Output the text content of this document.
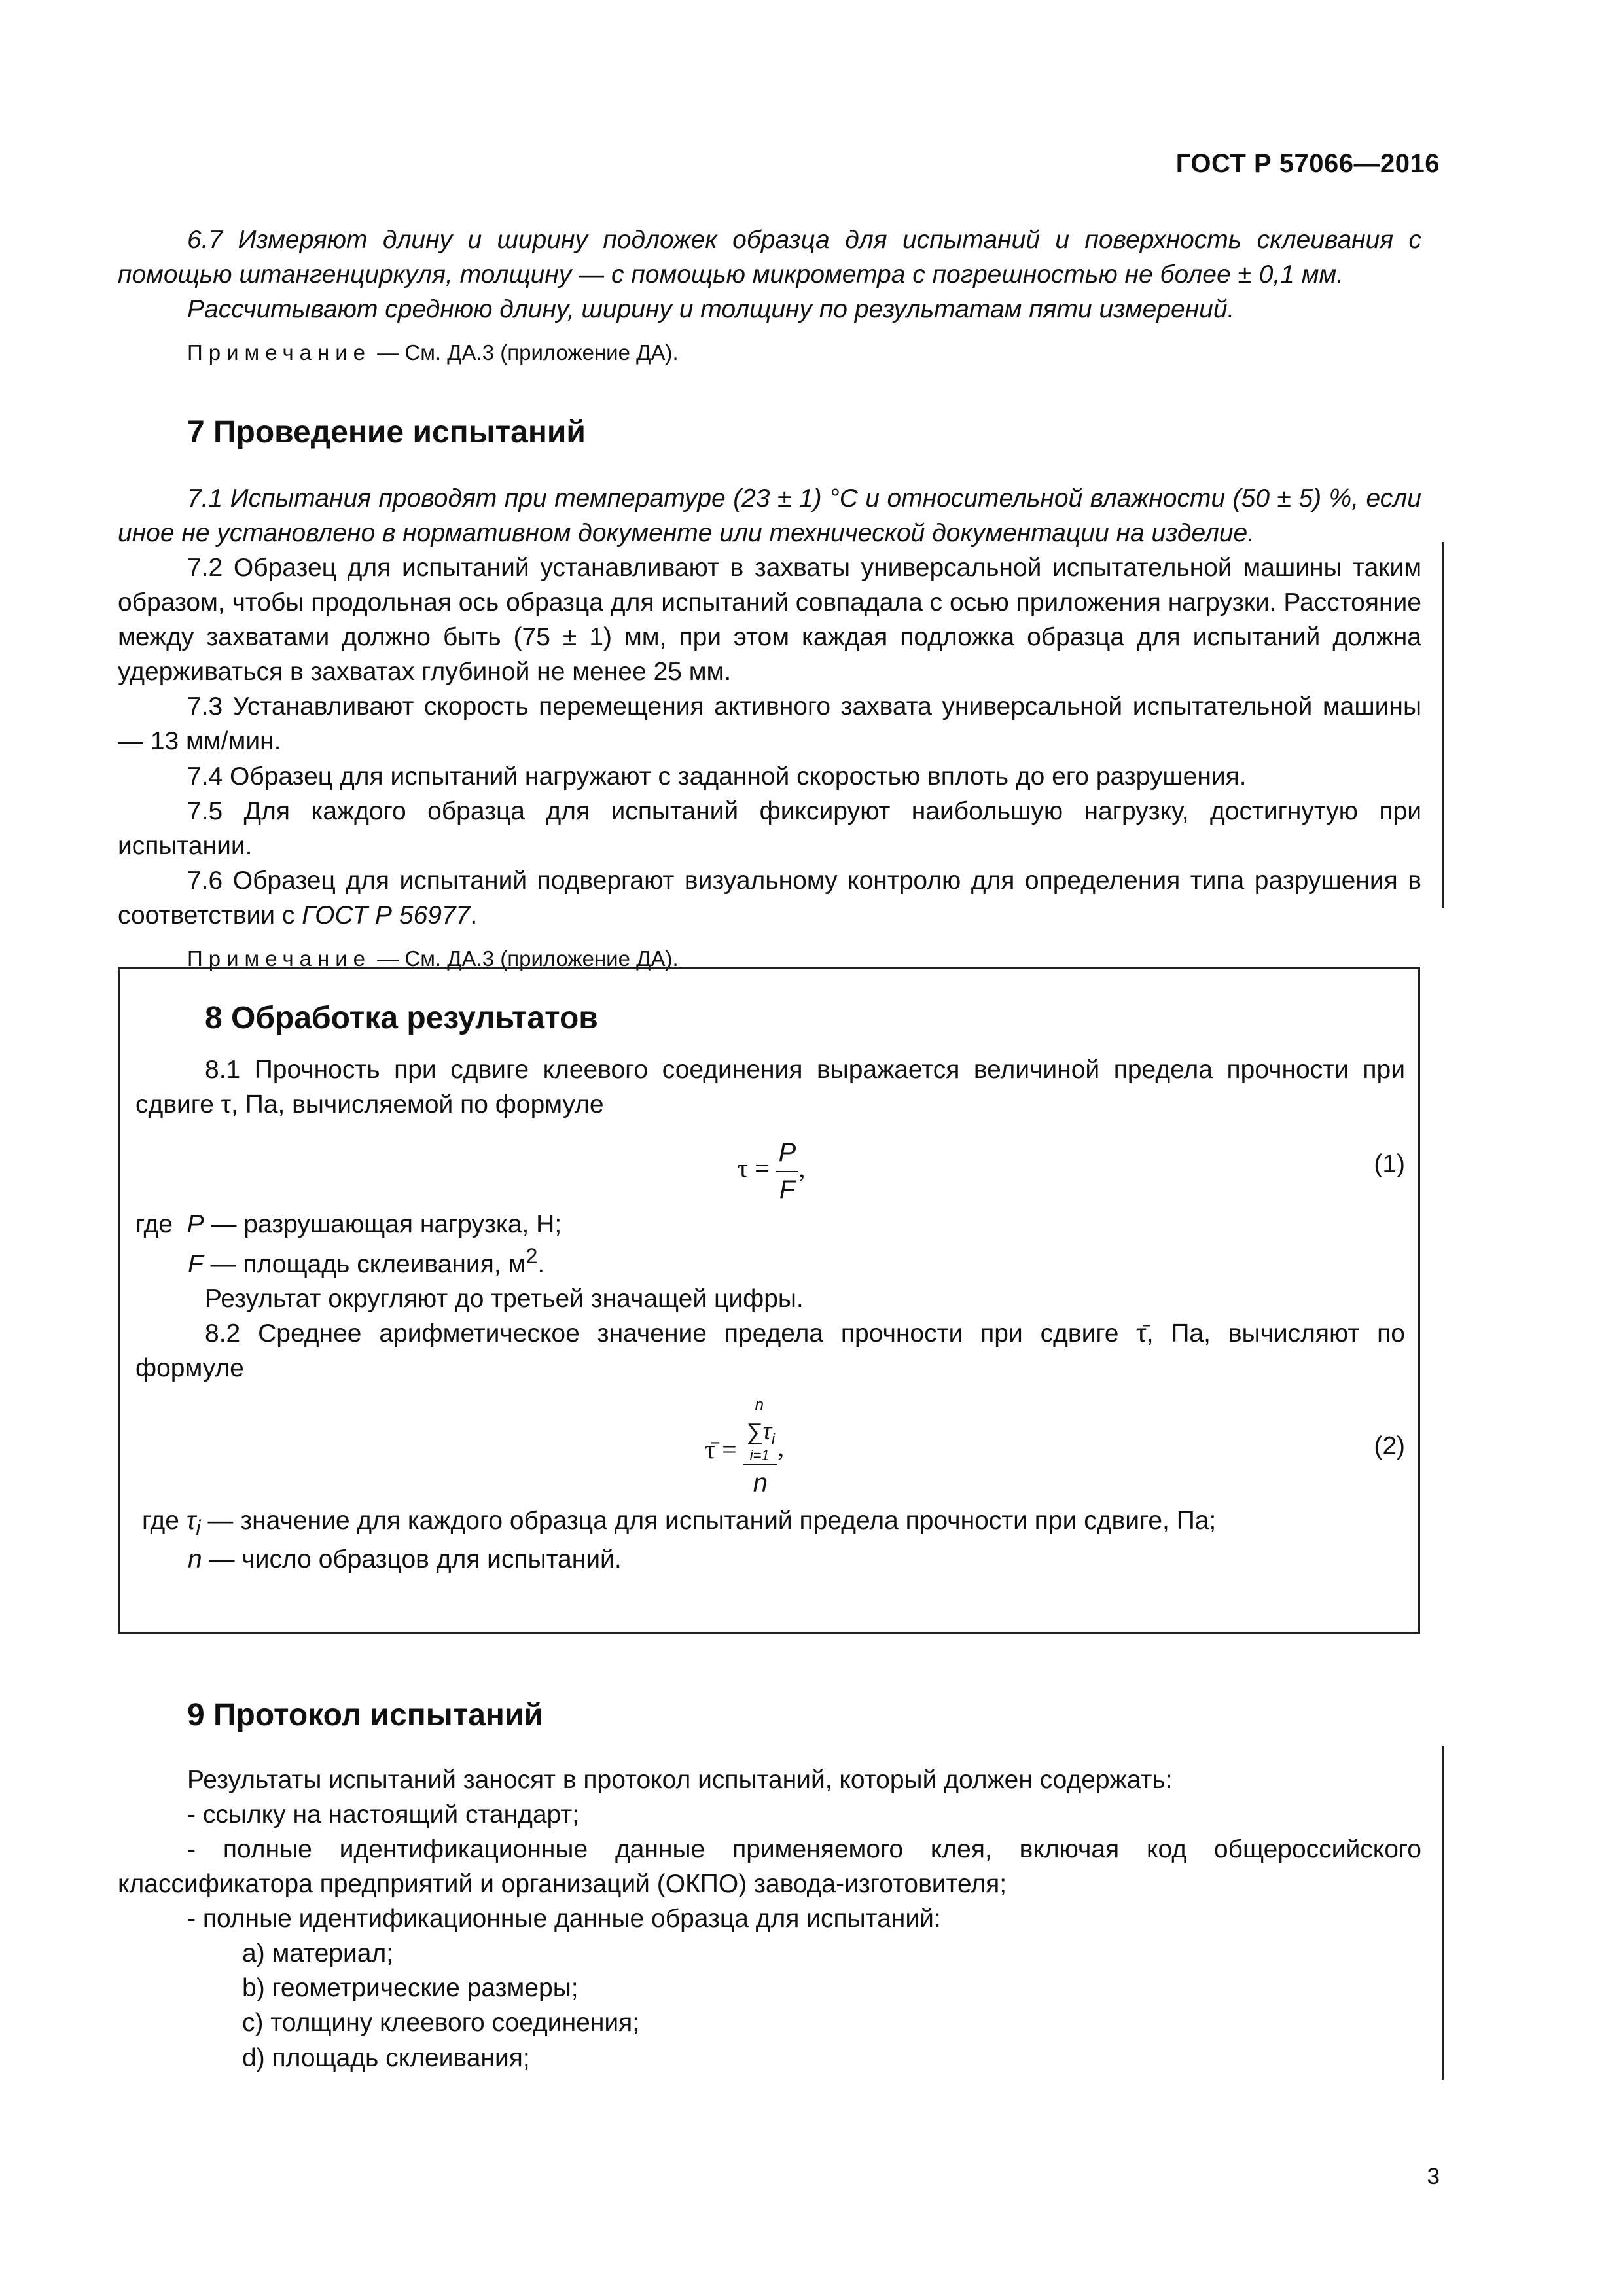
ГОСТ Р 57066—2016

6.7 Измеряют длину и ширину подложек образца для испытаний и поверхность склеивания с помощью штангенциркуля, толщину — с помощью микрометра с погрешностью не более ± 0,1 мм.

Рассчитывают среднюю длину, ширину и толщину по результатам пяти измерений.

Примечание — См. ДА.3 (приложение ДА).

7 Проведение испытаний

7.1 Испытания проводят при температуре (23 ± 1) °С и относительной влажности (50 ± 5) %, если иное не установлено в нормативном документе или технической документации на изделие.

7.2 Образец для испытаний устанавливают в захваты универсальной испытательной машины таким образом, чтобы продольная ось образца для испытаний совпадала с осью приложения нагрузки. Расстояние между захватами должно быть (75 ± 1) мм, при этом каждая подложка образца для испытаний должна удерживаться в захватах глубиной не менее 25 мм.

7.3 Устанавливают скорость перемещения активного захвата универсальной испытательной машины — 13 мм/мин.

7.4 Образец для испытаний нагружают с заданной скоростью вплоть до его разрушения.

7.5 Для каждого образца для испытаний фиксируют наибольшую нагрузку, достигнутую при испытании.

7.6 Образец для испытаний подвергают визуальному контролю для определения типа разрушения в соответствии с ГОСТ Р 56977.

Примечание — См. ДА.3 (приложение ДА).

8 Обработка результатов

8.1 Прочность при сдвиге клеевого соединения выражается величиной предела прочности при сдвиге τ, Па, вычисляемой по формуле

$\tau = \frac{P}{F}$ ,	(1)

где P — разрушающая нагрузка, Н;

F — площадь склеивания, $м^2$.

Результат округляют до третьей значащей цифры.

8.2 Среднее арифметическое значение предела прочности при сдвиге τ̄, Па, вычисляют по формуле

τ̄ = n
$\sum\tau_i$
i=1
n ,	(2)

где $\tau_i$ — значение для каждого образца для испытаний предела прочности при сдвиге, Па;

n — число образцов для испытаний.

9 Протокол испытаний

Результаты испытаний заносят в протокол испытаний, который должен содержать:

- ссылку на настоящий стандарт;

- полные идентификационные данные применяемого клея, включая код общероссийского классификатора предприятий и организаций (ОКПО) завода-изготовителя;

- полные идентификационные данные образца для испытаний:

a) материал;

b) геометрические размеры;

c) толщину клеевого соединения;

d) площадь склеивания;

3
